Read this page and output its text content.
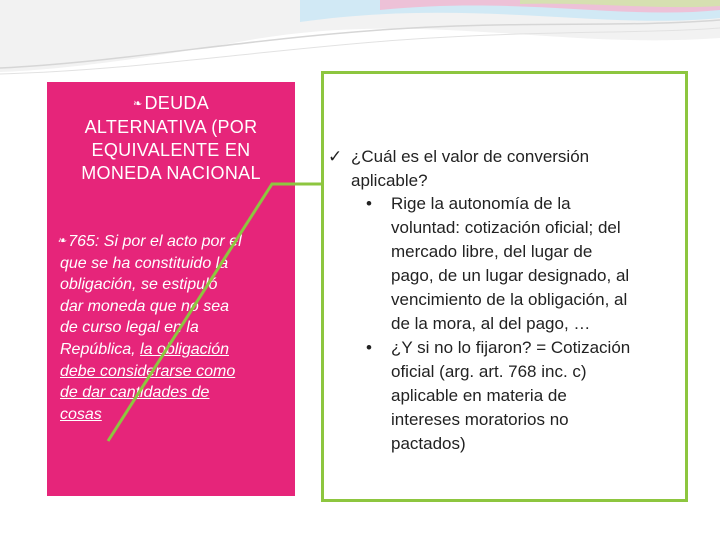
❧ DEUDA
ALTERNATIVA (POR
EQUIVALENTE EN
MONEDA NACIONAL
❧ 765: Si por el acto por el
que se ha constituido la
obligación, se estipuló
dar moneda que no sea
de curso legal en la
República, la obligación
debe considerarse como
de dar cantidades de
cosas
✓ ¿Cuál es el valor de conversión
aplicable?
• Rige la autonomía de la
voluntad: cotización oficial; del
mercado libre, del lugar de
pago, de un lugar designado, al
vencimiento de la obligación, al
de la mora, al del pago, …
• ¿Y si no lo fijaron? = Cotización
oficial (arg. art. 768 inc. c)
aplicable en materia de
intereses moratorios no
pactados)
